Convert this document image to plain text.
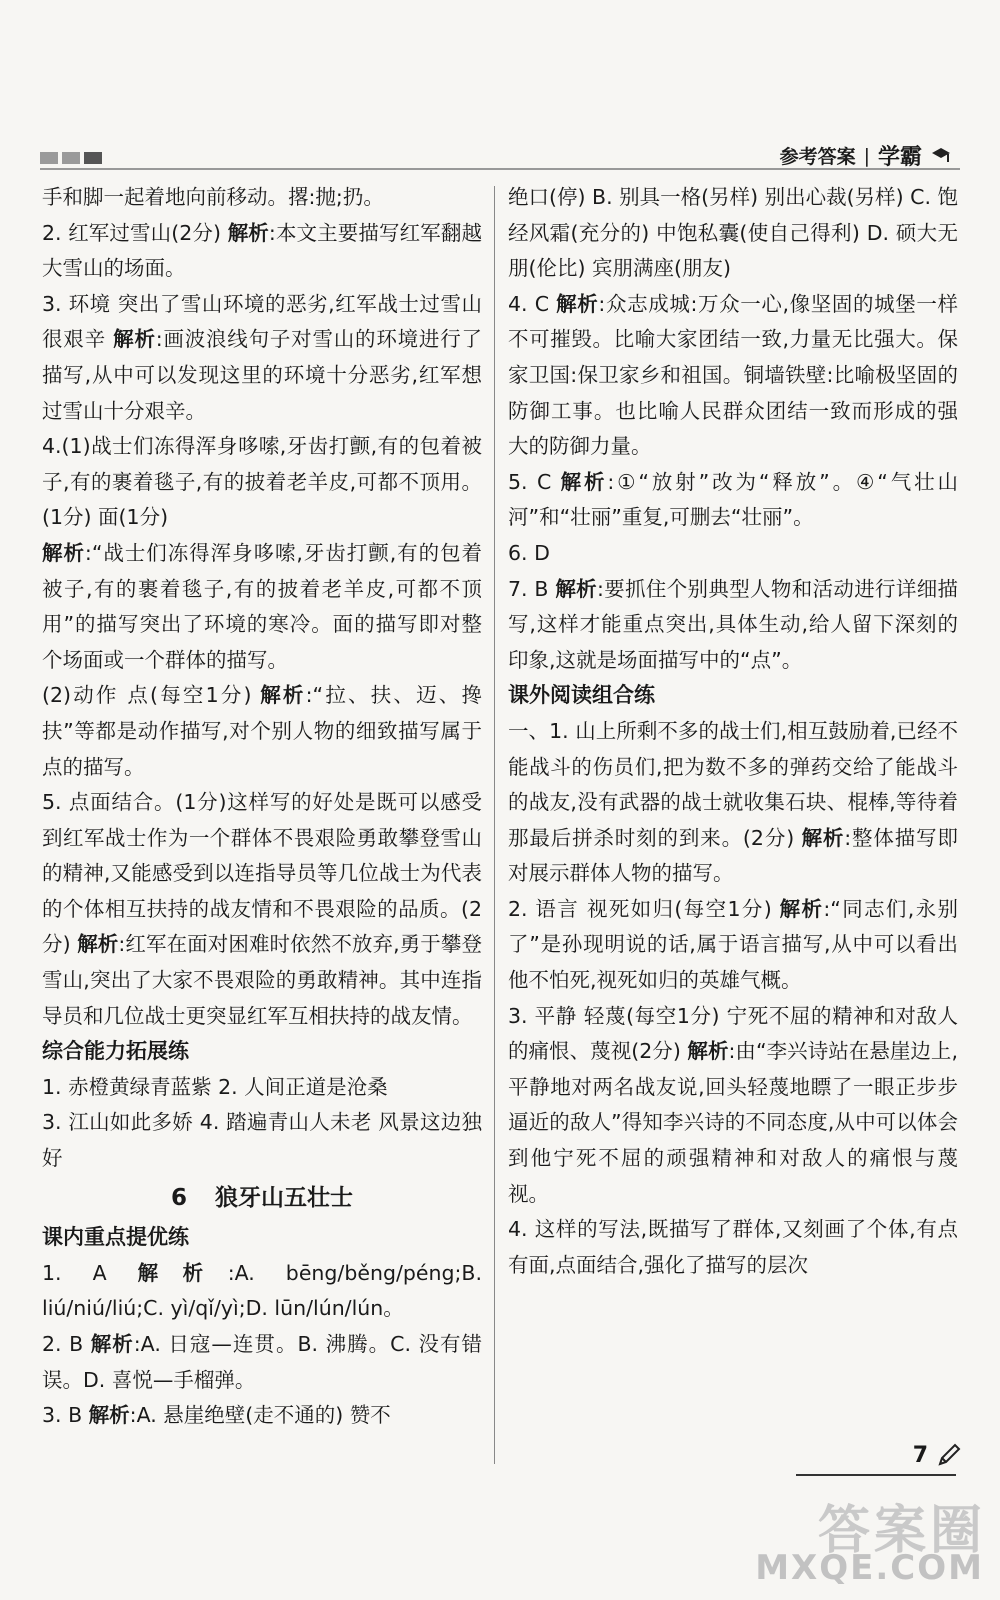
参考答案 | 学霸

手和脚一起着地向前移动。撂:抛;扔。

2. 红军过雪山(2分) 解析:本文主要描写红军翻越大雪山的场面。

3. 环境 突出了雪山环境的恶劣,红军战士过雪山很艰辛 解析:画波浪线句子对雪山的环境进行了描写,从中可以发现这里的环境十分恶劣,红军想过雪山十分艰辛。

4.(1)战士们冻得浑身哆嗦,牙齿打颤,有的包着被子,有的裹着毯子,有的披着老羊皮,可都不顶用。(1分) 面(1分)

解析:“战士们冻得浑身哆嗦,牙齿打颤,有的包着被子,有的裹着毯子,有的披着老羊皮,可都不顶用”的描写突出了环境的寒冷。面的描写即对整个场面或一个群体的描写。

(2)动作 点(每空1分) 解析:“拉、扶、迈、搀扶”等都是动作描写,对个别人物的细致描写属于点的描写。

5. 点面结合。(1分)这样写的好处是既可以感受到红军战士作为一个群体不畏艰险勇敢攀登雪山的精神,又能感受到以连指导员等几位战士为代表的个体相互扶持的战友情和不畏艰险的品质。(2分) 解析:红军在面对困难时依然不放弃,勇于攀登雪山,突出了大家不畏艰险的勇敢精神。其中连指导员和几位战士更突显红军互相扶持的战友情。

综合能力拓展练

1. 赤橙黄绿青蓝紫 2. 人间正道是沧桑

3. 江山如此多娇 4. 踏遍青山人未老 风景这边独好

6 狼牙山五壮士

课内重点提优练

1. A 解析:A. bēng/běng/péng;B. liú/niú/liú;C. yì/qǐ/yì;D. lūn/lún/lún。

2. B 解析:A. 日寇—连贯。B. 沸腾。C. 没有错误。D. 喜悦—手榴弹。

3. B 解析:A. 悬崖绝壁(走不通的) 赞不

绝口(停) B. 别具一格(另样) 别出心裁(另样) C. 饱经风霜(充分的) 中饱私囊(使自己得利) D. 硕大无朋(伦比) 宾朋满座(朋友)

4. C 解析:众志成城:万众一心,像坚固的城堡一样不可摧毁。比喻大家团结一致,力量无比强大。保家卫国:保卫家乡和祖国。铜墙铁壁:比喻极坚固的防御工事。也比喻人民群众团结一致而形成的强大的防御力量。

5. C 解析:①“放射”改为“释放”。④“气壮山河”和“壮丽”重复,可删去“壮丽”。

6. D

7. B 解析:要抓住个别典型人物和活动进行详细描写,这样才能重点突出,具体生动,给人留下深刻的印象,这就是场面描写中的“点”。

课外阅读组合练

一、1. 山上所剩不多的战士们,相互鼓励着,已经不能战斗的伤员们,把为数不多的弹药交给了能战斗的战友,没有武器的战士就收集石块、棍棒,等待着那最后拼杀时刻的到来。(2分) 解析:整体描写即对展示群体人物的描写。

2. 语言 视死如归(每空1分) 解析:“同志们,永别了”是孙现明说的话,属于语言描写,从中可以看出他不怕死,视死如归的英雄气概。

3. 平静 轻蔑(每空1分) 宁死不屈的精神和对敌人的痛恨、蔑视(2分) 解析:由“李兴诗站在悬崖边上,平静地对两名战友说,回头轻蔑地瞟了一眼正步步逼近的敌人”得知李兴诗的不同态度,从中可以体会到他宁死不屈的顽强精神和对敌人的痛恨与蔑视。

4. 这样的写法,既描写了群体,又刻画了个体,有点有面,点面结合,强化了描写的层次

7
答案圈
MXQE.COM
